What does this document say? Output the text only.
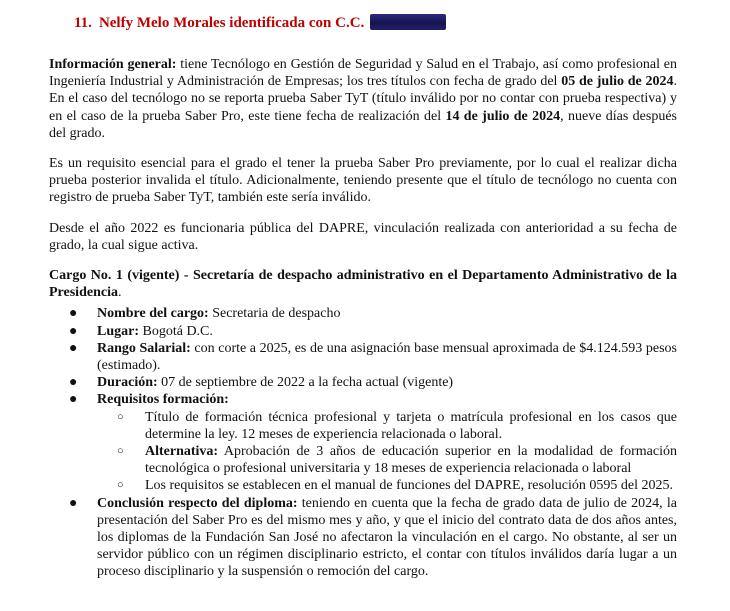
11. Nelfy Melo Morales identificada con C.C.

Información general: tiene Tecnólogo en Gestión de Seguridad y Salud en el Trabajo, así como profesional en Ingeniería Industrial y Administración de Empresas; los tres títulos con fecha de grado del 05 de julio de 2024. En el caso del tecnólogo no se reporta prueba Saber TyT (título inválido por no contar con prueba respectiva) y en el caso de la prueba Saber Pro, este tiene fecha de realización del 14 de julio de 2024, nueve días después del grado.

Es un requisito esencial para el grado el tener la prueba Saber Pro previamente, por lo cual el realizar dicha prueba posterior invalida el título. Adicionalmente, teniendo presente que el título de tecnólogo no cuenta con registro de prueba Saber TyT, también este sería inválido.

Desde el año 2022 es funcionaria pública del DAPRE, vinculación realizada con anterioridad a su fecha de grado, la cual sigue activa.

Cargo No. 1 (vigente) - Secretaría de despacho administrativo en el Departamento Administrativo de la Presidencia.

● Nombre del cargo: Secretaria de despacho
● Lugar: Bogotá D.C.
● Rango Salarial: con corte a 2025, es de una asignación base mensual aproximada de $4.124.593 pesos (estimado).
● Duración: 07 de septiembre de 2022 a la fecha actual (vigente)
● Requisitos formación:
○ Título de formación técnica profesional y tarjeta o matrícula profesional en los casos que determine la ley. 12 meses de experiencia relacionada o laboral.
○ Alternativa: Aprobación de 3 años de educación superior en la modalidad de formación tecnológica o profesional universitaria y 18 meses de experiencia relacionada o laboral
○ Los requisitos se establecen en el manual de funciones del DAPRE, resolución 0595 del 2025.
● Conclusión respecto del diploma: teniendo en cuenta que la fecha de grado data de julio de 2024, la presentación del Saber Pro es del mismo mes y año, y que el inicio del contrato data de dos años antes, los diplomas de la Fundación San José no afectaron la vinculación en el cargo. No obstante, al ser un servidor público con un régimen disciplinario estricto, el contar con títulos inválidos daría lugar a un proceso disciplinario y la suspensión o remoción del cargo.
